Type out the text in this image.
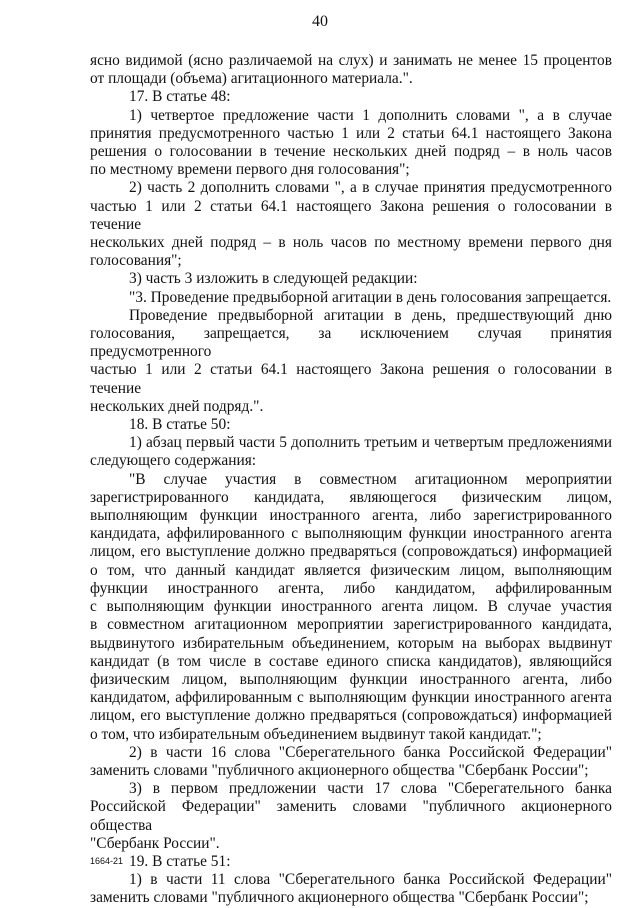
40

ясно видимой (ясно различаемой на слух) и занимать не менее 15 процентов

от площади (объема) агитационного материала.".

17. В статье 48:

1) четвертое предложение части 1 дополнить словами ", а в случае

принятия предусмотренного частью 1 или 2 статьи 64.1 настоящего Закона

решения о голосовании в течение нескольких дней подряд – в ноль часов

по местному времени первого дня голосования";

2) часть 2 дополнить словами ", а в случае принятия предусмотренного

частью 1 или 2 статьи 64.1 настоящего Закона решения о голосовании в течение

нескольких дней подряд – в ноль часов по местному времени первого дня

голосования";

3) часть 3 изложить в следующей редакции:

"3. Проведение предвыборной агитации в день голосования запрещается.

Проведение предвыборной агитации в день, предшествующий дню

голосования, запрещается, за исключением случая принятия предусмотренного

частью 1 или 2 статьи 64.1 настоящего Закона решения о голосовании в течение

нескольких дней подряд.".

18. В статье 50:

1) абзац первый части 5 дополнить третьим и четвертым предложениями

следующего содержания:

"В случае участия в совместном агитационном мероприятии

зарегистрированного кандидата, являющегося физическим лицом,

выполняющим функции иностранного агента, либо зарегистрированного

кандидата, аффилированного с выполняющим функции иностранного агента

лицом, его выступление должно предваряться (сопровождаться) информацией

о том, что данный кандидат является физическим лицом, выполняющим

функции иностранного агента, либо кандидатом, аффилированным

с выполняющим функции иностранного агента лицом. В случае участия

в совместном агитационном мероприятии зарегистрированного кандидата,

выдвинутого избирательным объединением, которым на выборах выдвинут

кандидат (в том числе в составе единого списка кандидатов), являющийся

физическим лицом, выполняющим функции иностранного агента, либо

кандидатом, аффилированным с выполняющим функции иностранного агента

лицом, его выступление должно предваряться (сопровождаться) информацией

о том, что избирательным объединением выдвинут такой кандидат.";

2) в части 16 слова "Сберегательного банка Российской Федерации"

заменить словами "публичного акционерного общества "Сбербанк России";

3) в первом предложении части 17 слова "Сберегательного банка

Российской Федерации" заменить словами "публичного акционерного общества

"Сбербанк России".

19. В статье 51:

1) в части 11 слова "Сберегательного банка Российской Федерации"

заменить словами "публичного акционерного общества "Сбербанк России";

1664-21
